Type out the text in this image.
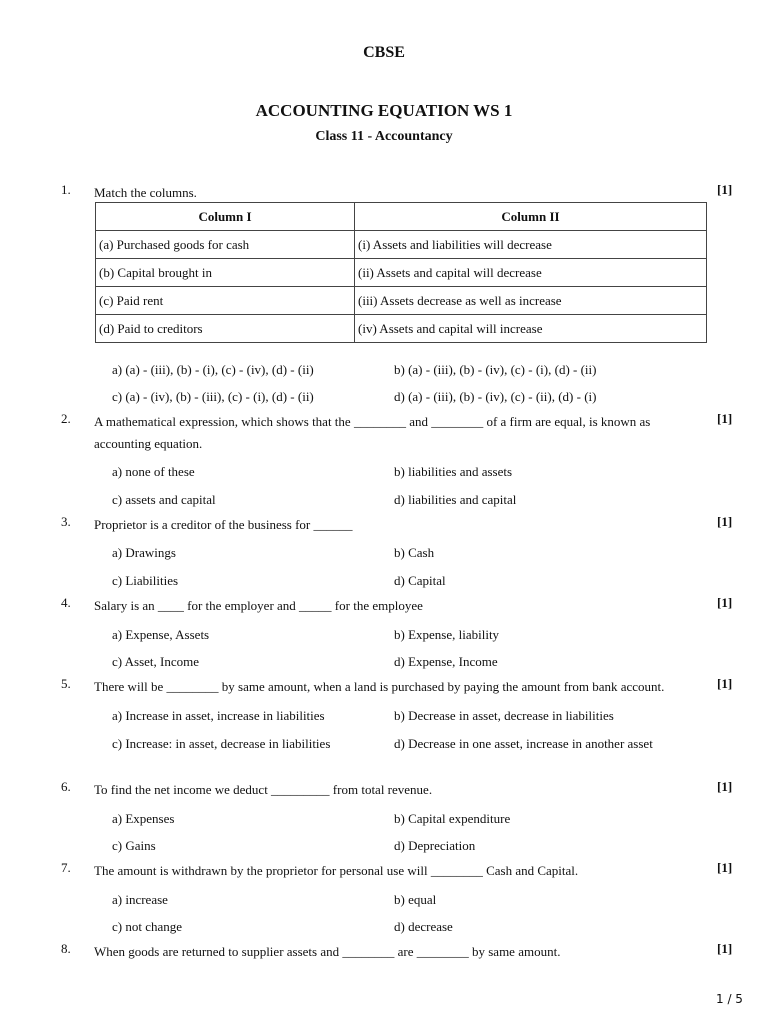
CBSE
ACCOUNTING EQUATION WS 1
Class 11 - Accountancy
1. Match the columns.	[1]
Column I	Column II
(a) Purchased goods for cash	(i) Assets and liabilities will decrease
(b) Capital brought in	(ii) Assets and capital will decrease
(c) Paid rent	(iii) Assets decrease as well as increase
(d) Paid to creditors	(iv) Assets and capital will increase
a) (a) - (iii), (b) - (i), (c) - (iv), (d) - (ii)	b) (a) - (iii), (b) - (iv), (c) - (i), (d) - (ii)
c) (a) - (iv), (b) - (iii), (c) - (i), (d) - (ii)	d) (a) - (iii), (b) - (iv), (c) - (ii), (d) - (i)
2. A mathematical expression, which shows that the ________ and ________ of a firm are equal, is known as accounting equation.
[1]
a) none of these	b) liabilities and assets
c) assets and capital	d) liabilities and capital
3. Proprietor is a creditor of the business for ______	[1]
a) Drawings	b) Cash
c) Liabilities	d) Capital
4. Salary is an ____ for the employer and _____ for the employee	[1]
a) Expense, Assets	b) Expense, liability
c) Asset, Income	d) Expense, Income
5. There will be ________ by same amount, when a land is purchased by paying the amount from bank account.	[1]
a) Increase in asset, increase in liabilities	b) Decrease in asset, decrease in liabilities
c) Increase: in asset, decrease in liabilities	d) Decrease in one asset, increase in another asset
6. To find the net income we deduct _________ from total revenue.	[1]
a) Expenses	b) Capital expenditure
c) Gains	d) Depreciation
7. The amount is withdrawn by the proprietor for personal use will ________ Cash and Capital.	[1]
a) increase	b) equal
c) not change	d) decrease
8. When goods are returned to supplier assets and ________ are ________ by same amount.	[1]
1 / 5
